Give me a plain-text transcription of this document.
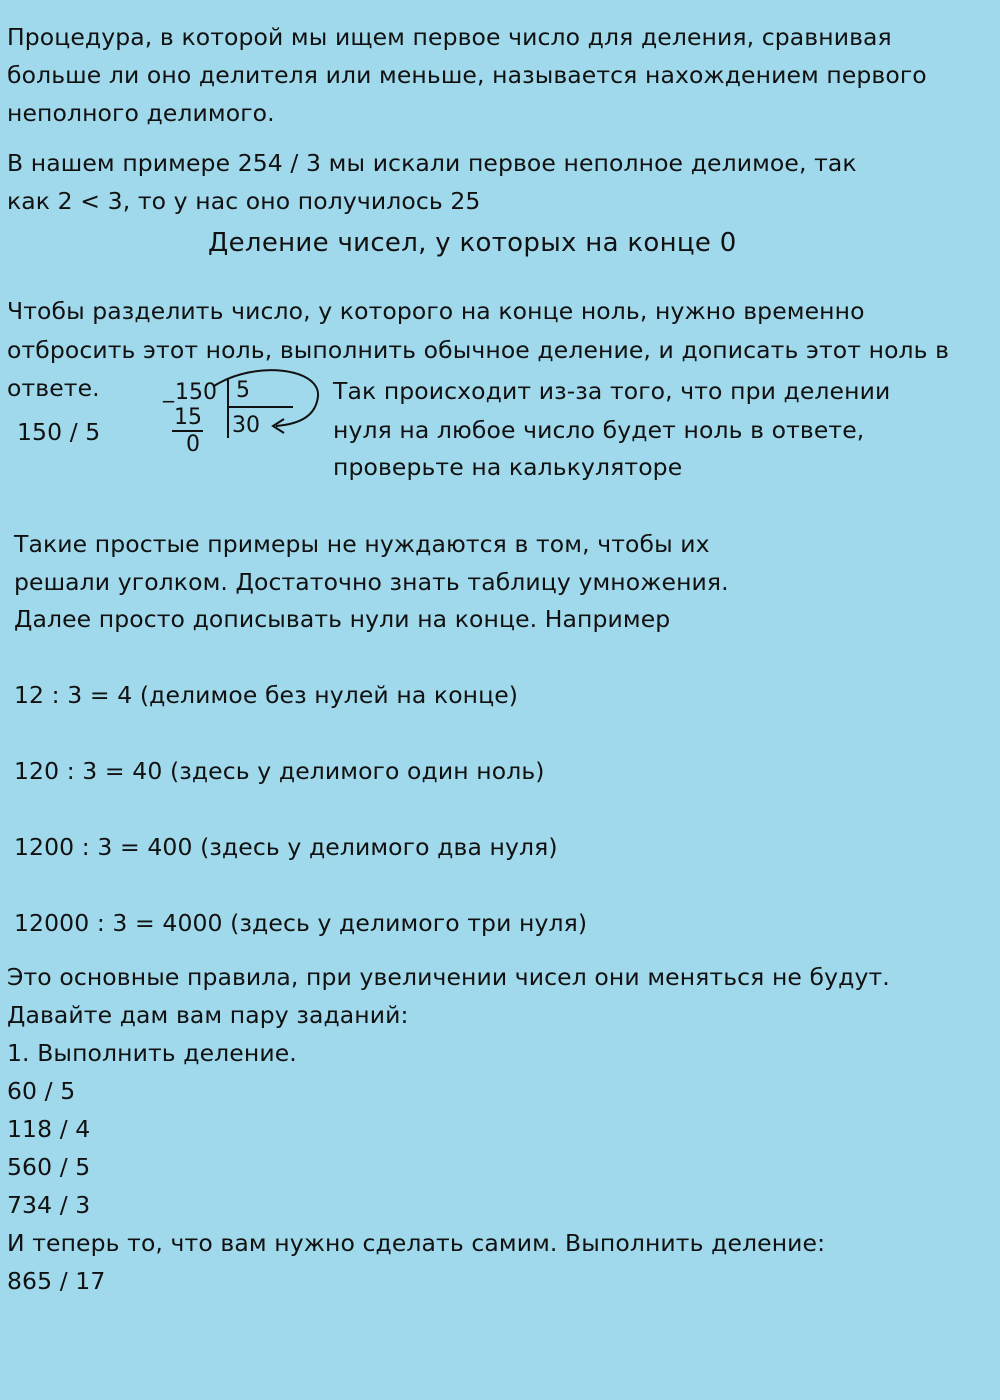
Процедура, в которой мы ищем первое число для деления, сравнивая
больше ли оно делителя или меньше, называется нахождением первого
неполного делимого.
В нашем примере 254 / 3 мы искали первое неполное делимое, так
как 2 < 3, то у нас оно получилось 25
Деление чисел, у которых на конце 0
Чтобы разделить число, у которого на конце ноль, нужно временно
отбросить этот ноль, выполнить обычное деление, и дописать этот ноль в
ответе.
150 / 5
_ 150 5
15
0
30
Так происходит из-за того, что при делении
нуля на любое число будет ноль в ответе,
проверьте на калькуляторе
Такие простые примеры не нуждаются в том, чтобы их
решали уголком. Достаточно знать таблицу умножения.
Далее просто дописывать нули на конце. Например
12 : 3 = 4 (делимое без нулей на конце)
120 : 3 = 40 (здесь у делимого один ноль)
1200 : 3 = 400 (здесь у делимого два нуля)
12000 : 3 = 4000 (здесь у делимого три нуля)
Это основные правила, при увеличении чисел они меняться не будут.
Давайте дам вам пару заданий:
1. Выполнить деление.
60 / 5
118 / 4
560 / 5
734 / 3
И теперь то, что вам нужно сделать самим. Выполнить деление:
865 / 17
